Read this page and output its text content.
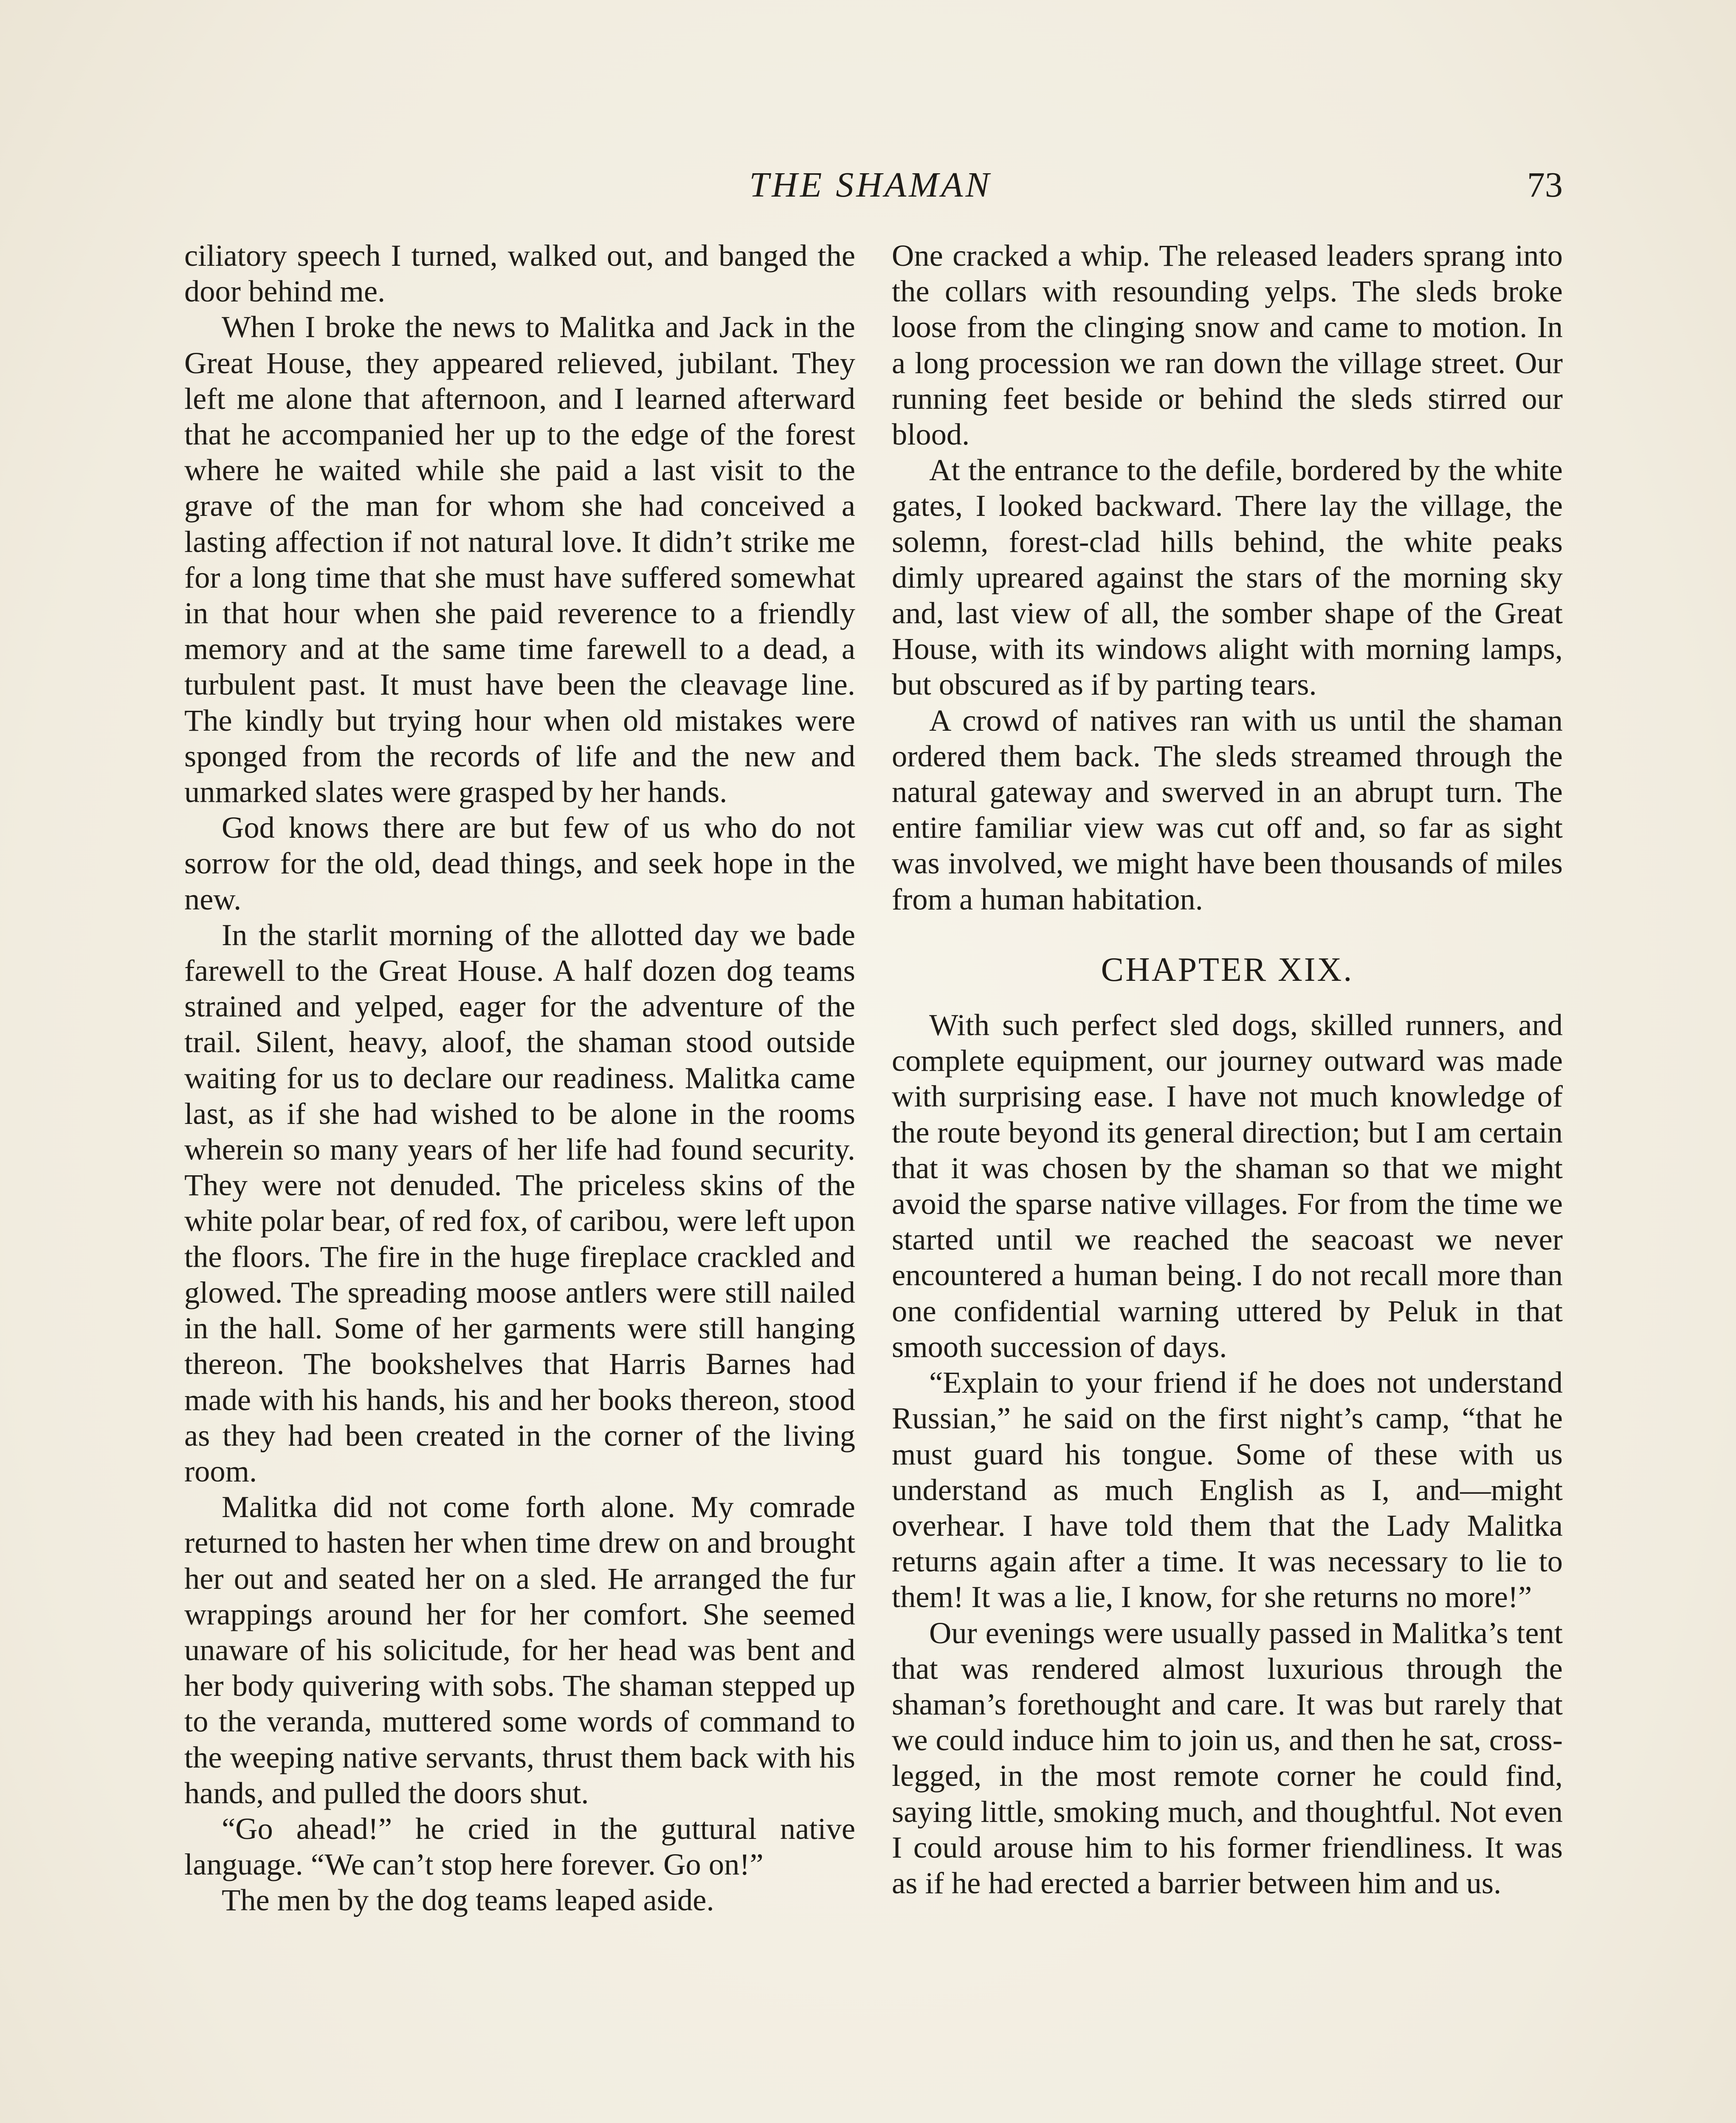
THE SHAMAN	73

ciliatory speech I turned, walked out, and banged the door behind me.

When I broke the news to Malitka and Jack in the Great House, they appeared relieved, jubilant. They left me alone that afternoon, and I learned afterward that he accompanied her up to the edge of the forest where he waited while she paid a last visit to the grave of the man for whom she had conceived a lasting affection if not natural love. It didn’t strike me for a long time that she must have suffered somewhat in that hour when she paid reverence to a friendly memory and at the same time farewell to a dead, a turbulent past. It must have been the cleavage line. The kindly but trying hour when old mistakes were sponged from the records of life and the new and unmarked slates were grasped by her hands.

God knows there are but few of us who do not sorrow for the old, dead things, and seek hope in the new.

In the starlit morning of the allotted day we bade farewell to the Great House. A half dozen dog teams strained and yelped, eager for the adventure of the trail. Silent, heavy, aloof, the shaman stood outside waiting for us to declare our readiness. Malitka came last, as if she had wished to be alone in the rooms wherein so many years of her life had found security. They were not denuded. The priceless skins of the white polar bear, of red fox, of caribou, were left upon the floors. The fire in the huge fireplace crackled and glowed. The spreading moose antlers were still nailed in the hall. Some of her garments were still hanging thereon. The bookshelves that Harris Barnes had made with his hands, his and her books thereon, stood as they had been created in the corner of the living room.

Malitka did not come forth alone. My comrade returned to hasten her when time drew on and brought her out and seated her on a sled. He arranged the fur wrappings around her for her comfort. She seemed unaware of his solicitude, for her head was bent and her body quivering with sobs. The shaman stepped up to the veranda, muttered some words of command to the weeping native servants, thrust them back with his hands, and pulled the doors shut.

“Go ahead!” he cried in the guttural native language. “We can’t stop here forever. Go on!”

The men by the dog teams leaped aside.

One cracked a whip. The released leaders sprang into the collars with resounding yelps. The sleds broke loose from the clinging snow and came to motion. In a long procession we ran down the village street. Our running feet beside or behind the sleds stirred our blood.

At the entrance to the defile, bordered by the white gates, I looked backward. There lay the village, the solemn, forest-clad hills behind, the white peaks dimly upreared against the stars of the morning sky and, last view of all, the somber shape of the Great House, with its windows alight with morning lamps, but obscured as if by parting tears.

A crowd of natives ran with us until the shaman ordered them back. The sleds streamed through the natural gateway and swerved in an abrupt turn. The entire familiar view was cut off and, so far as sight was involved, we might have been thousands of miles from a human habitation.

CHAPTER XIX.

With such perfect sled dogs, skilled runners, and complete equipment, our journey outward was made with surprising ease. I have not much knowledge of the route beyond its general direction; but I am certain that it was chosen by the shaman so that we might avoid the sparse native villages. For from the time we started until we reached the seacoast we never encountered a human being. I do not recall more than one confidential warning uttered by Peluk in that smooth succession of days.

“Explain to your friend if he does not understand Russian,” he said on the first night’s camp, “that he must guard his tongue. Some of these with us understand as much English as I, and—might overhear. I have told them that the Lady Malitka returns again after a time. It was necessary to lie to them! It was a lie, I know, for she returns no more!”

Our evenings were usually passed in Malitka’s tent that was rendered almost luxurious through the shaman’s forethought and care. It was but rarely that we could induce him to join us, and then he sat, cross-legged, in the most remote corner he could find, saying little, smoking much, and thoughtful. Not even I could arouse him to his former friendliness. It was as if he had erected a barrier between him and us.
